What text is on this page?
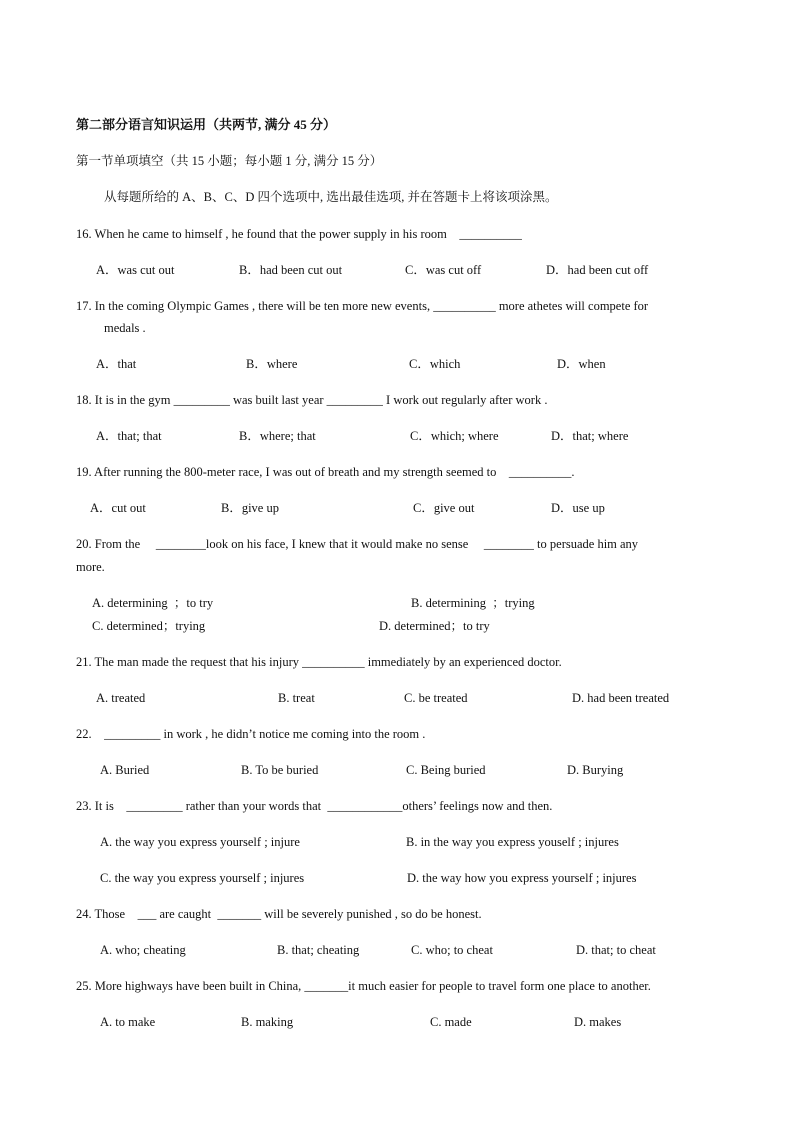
第二部分语言知识运用（共两节, 满分 45 分）
第一节单项填空（共 15 小题；每小题 1 分, 满分 15 分）
从每题所给的 A、B、C、D 四个选项中, 选出最佳选项, 并在答题卡上将该项涂黑。
16. When he came to himself , he found that the power supply in his room    __________
A．was cut out	B．had been cut out	C．was cut off	D．had been cut off
17. In the coming Olympic Games , there will be ten more new events, __________ more athetes will compete for
medals .
A．that	B．where	C．which	D．when
18. It is in the gym _________ was built last year _________ I work out regularly after work .
A．that; that	B．where; that	C．which; where	D．that; where
19. After running the 800-meter race, I was out of breath and my strength seemed to    __________.
A．cut out	B．give up	C．give out	D．use up
20. From the     ________look on his face, I knew that it would make no sense     ________ to persuade him any
more.
A. determining  ；to try	B. determining  ；trying
C. determined；trying	D. determined；to try
21. The man made the request that his injury __________ immediately by an experienced doctor.
A. treated	B. treat	C. be treated	D. had been treated
22.    _________ in work , he didn’t notice me coming into the room .
A. Buried	B. To be buried	C. Being buried	D. Burying
23. It is    _________ rather than your words that  ____________others’ feelings now and then.
A. the way you express yourself ; injure	B. in the way you express youself ; injures
C. the way you express yourself ; injures	D. the way how you express yourself ; injures
24. Those    ___ are caught  _______ will be severely punished , so do be honest.
A. who; cheating	B. that; cheating	C. who; to cheat	D. that; to cheat
25. More highways have been built in China, _______it much easier for people to travel form one place to another.
A. to make	B. making	C. made	D. makes
